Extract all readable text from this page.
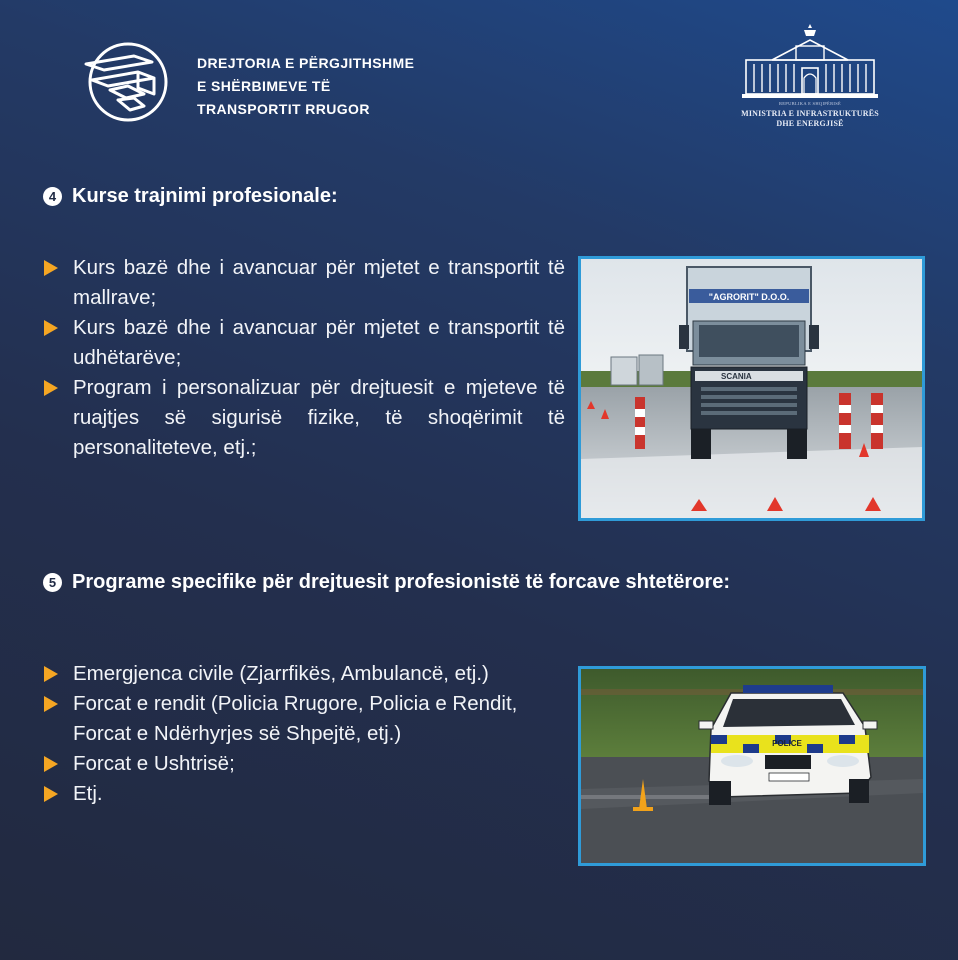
DREJTORIA E PËRGJITHSHME
E SHËRBIMEVE TË
TRANSPORTIT RRUGOR	REPUBLIKA E SHQIPËRISË
MINISTRIA E INFRASTRUKTURËS
DHE ENERGJISË
4 Kurse trajnimi profesionale:
Kurs bazë dhe i avancuar për mjetet e transportit të mallrave;
Kurs bazë dhe i avancuar për mjetet e transportit të udhëtarëve;
Program i personalizuar për drejtuesit e mjeteve të ruajtjes së sigurisë fizike, të shoqërimit të personaliteteve, etj.;
"AGRORIT" D.O.O.
SCANIA
5 Programe specifike për drejtuesit profesionistë të forcave shtetërore:
Emergjenca civile (Zjarrfikës, Ambulancë, etj.)
Forcat e rendit (Policia Rrugore, Policia e Rendit, Forcat e Ndërhyrjes së Shpejtë, etj.)
Forcat e Ushtrisë;
Etj.
POLICE
